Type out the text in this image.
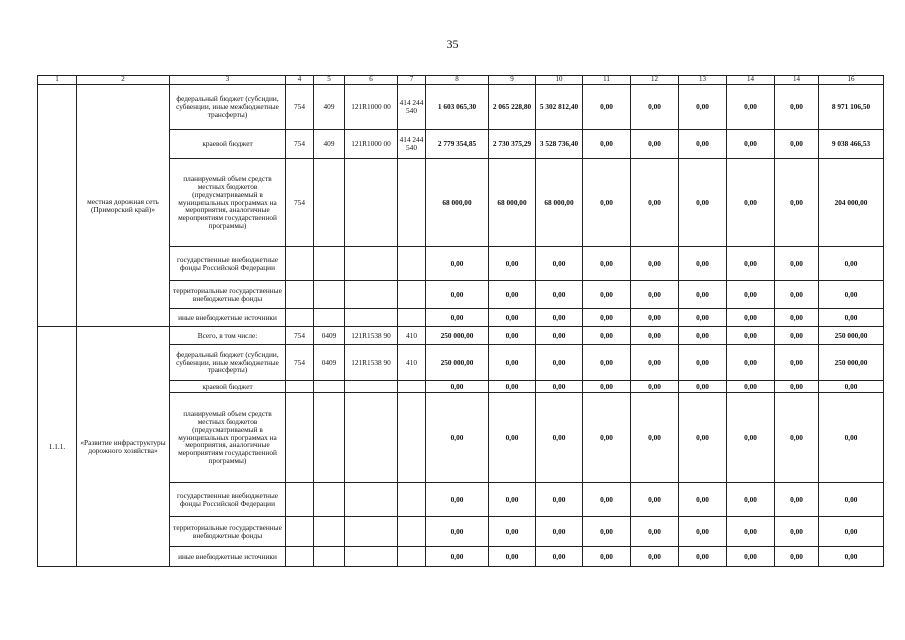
35
1	2	3	4	5	6	7	8	9	10	11	12	13	14	14	16
	местная дорожная сеть (Приморский край)»	федеральный бюджет (субсидии, субвенции, иные межбюджетные трансферты)	754	409	121R1000 00	414 244 540	1 603 065,30	2 065 228,80	5 302 812,40	0,00	0,00	0,00	0,00	0,00	8 971 106,50
		краевой бюджет	754	409	121R1000 00	414 244 540	2 779 354,85	2 730 375,29	3 528 736,40	0,00	0,00	0,00	0,00	0,00	9 038 466,53
		планируемый объем средств местных бюджетов (предусматриваемый в муниципальных программах на мероприятия, аналогичные мероприятиям государственной программы)	754				68 000,00	68 000,00	68 000,00	0,00	0,00	0,00	0,00	0,00	204 000,00
		государственные внебюджетные фонды Российской Федерации					0,00	0,00	0,00	0,00	0,00	0,00	0,00	0,00	0,00
		территориальные государственные внебюджетные фонды					0,00	0,00	0,00	0,00	0,00	0,00	0,00	0,00	0,00
		иные внебюджетные источники					0,00	0,00	0,00	0,00	0,00	0,00	0,00	0,00	0,00
1.1.1.	«Развитие инфраструктуры дорожного хозяйства»	Всего, в том числе:	754	0409	121R1538 90	410	250 000,00	0,00	0,00	0,00	0,00	0,00	0,00	0,00	250 000,00
		федеральный бюджет (субсидии, субвенции, иные межбюджетные трансферты)	754	0409	121R1538 90	410	250 000,00	0,00	0,00	0,00	0,00	0,00	0,00	0,00	250 000,00
		краевой бюджет					0,00	0,00	0,00	0,00	0,00	0,00	0,00	0,00	0,00
		планируемый объем средств местных бюджетов (предусматриваемый в муниципальных программах на мероприятия, аналогичные мероприятиям государственной программы)					0,00	0,00	0,00	0,00	0,00	0,00	0,00	0,00	0,00
		государственные внебюджетные фонды Российской Федерации					0,00	0,00	0,00	0,00	0,00	0,00	0,00	0,00	0,00
		территориальные государственные внебюджетные фонды					0,00	0,00	0,00	0,00	0,00	0,00	0,00	0,00	0,00
		иные внебюджетные источники					0,00	0,00	0,00	0,00	0,00	0,00	0,00	0,00	0,00
